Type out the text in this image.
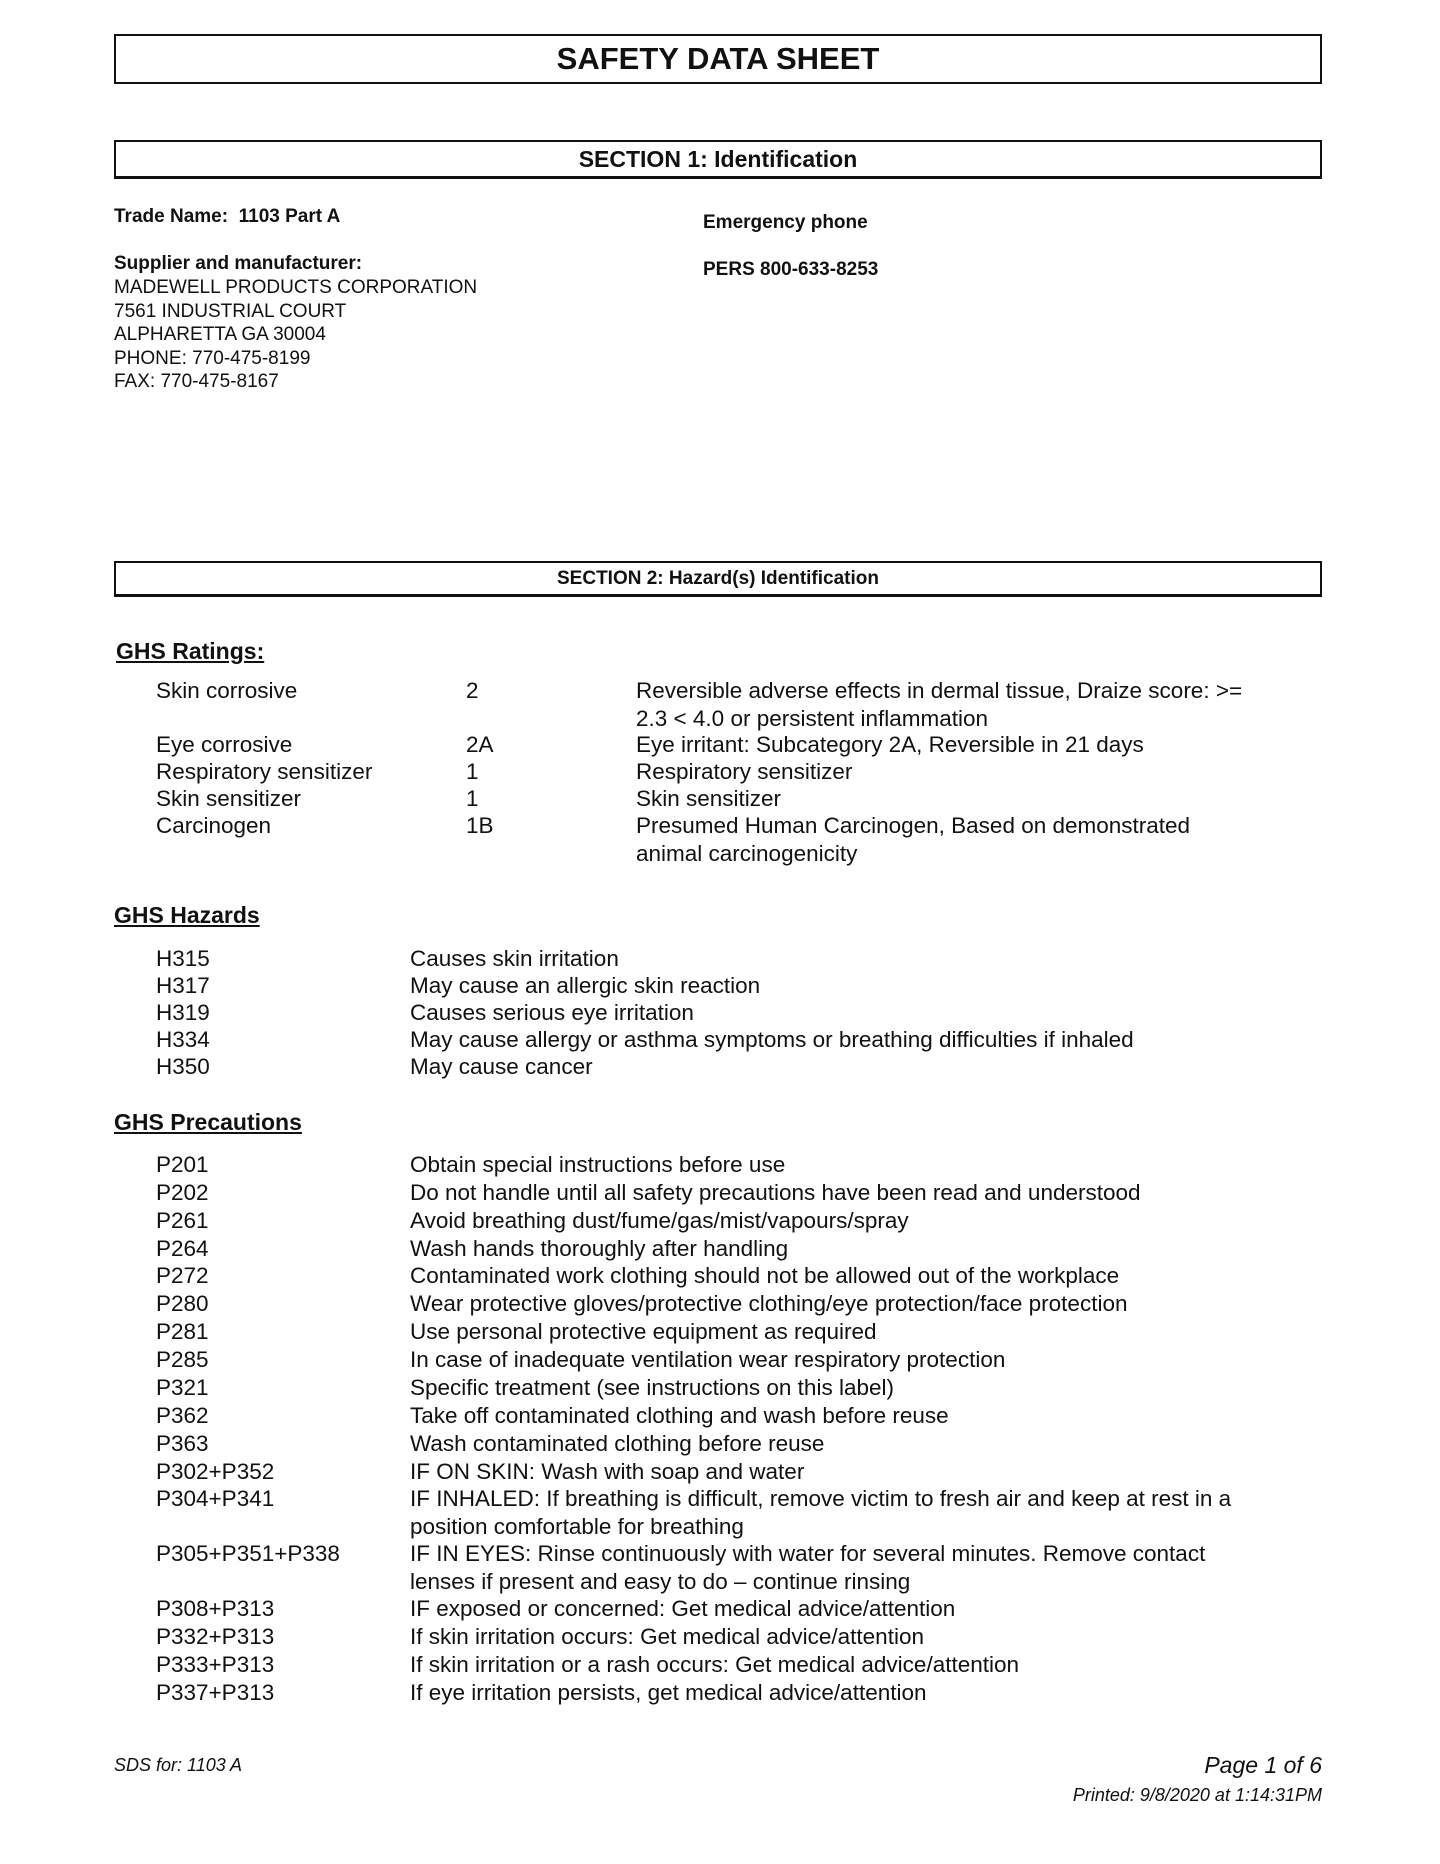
SAFETY DATA SHEET
SECTION 1: Identification
Trade Name: 1103 Part A
Supplier and manufacturer:
MADEWELL PRODUCTS CORPORATION
7561 INDUSTRIAL COURT
ALPHARETTA GA 30004
PHONE: 770-475-8199
FAX: 770-475-8167
Emergency phone
PERS 800-633-8253
SECTION 2: Hazard(s) Identification
GHS Ratings:
Skin corrosive	2	Reversible adverse effects in dermal tissue, Draize score: >= 2.3 < 4.0 or persistent inflammation
Eye corrosive	2A	Eye irritant: Subcategory 2A, Reversible in 21 days
Respiratory sensitizer	1	Respiratory sensitizer
Skin sensitizer	1	Skin sensitizer
Carcinogen	1B	Presumed Human Carcinogen, Based on demonstrated animal carcinogenicity
GHS Hazards
H315	Causes skin irritation
H317	May cause an allergic skin reaction
H319	Causes serious eye irritation
H334	May cause allergy or asthma symptoms or breathing difficulties if inhaled
H350	May cause cancer
GHS Precautions
P201	Obtain special instructions before use
P202	Do not handle until all safety precautions have been read and understood
P261	Avoid breathing dust/fume/gas/mist/vapours/spray
P264	Wash hands thoroughly after handling
P272	Contaminated work clothing should not be allowed out of the workplace
P280	Wear protective gloves/protective clothing/eye protection/face protection
P281	Use personal protective equipment as required
P285	In case of inadequate ventilation wear respiratory protection
P321	Specific treatment (see instructions on this label)
P362	Take off contaminated clothing and wash before reuse
P363	Wash contaminated clothing before reuse
P302+P352	IF ON SKIN: Wash with soap and water
P304+P341	IF INHALED: If breathing is difficult, remove victim to fresh air and keep at rest in a position comfortable for breathing
P305+P351+P338	IF IN EYES: Rinse continuously with water for several minutes. Remove contact lenses if present and easy to do – continue rinsing
P308+P313	IF exposed or concerned: Get medical advice/attention
P332+P313	If skin irritation occurs: Get medical advice/attention
P333+P313	If skin irritation or a rash occurs: Get medical advice/attention
P337+P313	If eye irritation persists, get medical advice/attention
SDS for: 1103 A	Page 1 of 6
Printed: 9/8/2020 at 1:14:31PM
